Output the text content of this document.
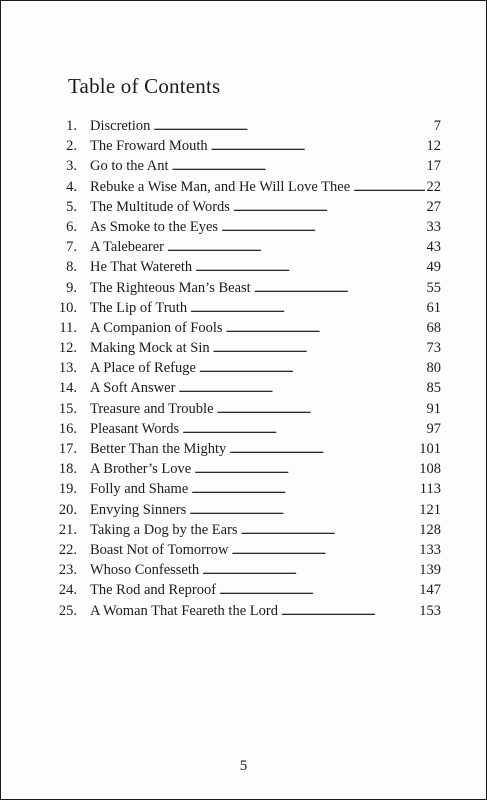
Table of Contents
1. Discretion . . .	7
2. The Froward Mouth . . .	12
3. Go to the Ant . . .	17
4. Rebuke a Wise Man, and He Will Love Thee . . .	22
5. The Multitude of Words . . .	27
6. As Smoke to the Eyes . . .	33
7. A Talebearer . . .	43
8. He That Watereth . . .	49
9. The Righteous Man’s Beast . . .	55
10. The Lip of Truth . . .	61
11. A Companion of Fools . . .	68
12. Making Mock at Sin . . .	73
13. A Place of Refuge . . .	80
14. A Soft Answer . . .	85
15. Treasure and Trouble . . .	91
16. Pleasant Words . . .	97
17. Better Than the Mighty . . .	101
18. A Brother’s Love . . .	108
19. Folly and Shame . . .	113
20. Envying Sinners . . .	121
21. Taking a Dog by the Ears . . .	128
22. Boast Not of Tomorrow . . .	133
23. Whoso Confesseth . . .	139
24. The Rod and Reproof . . .	147
25. A Woman That Feareth the Lord . . .	153
5
